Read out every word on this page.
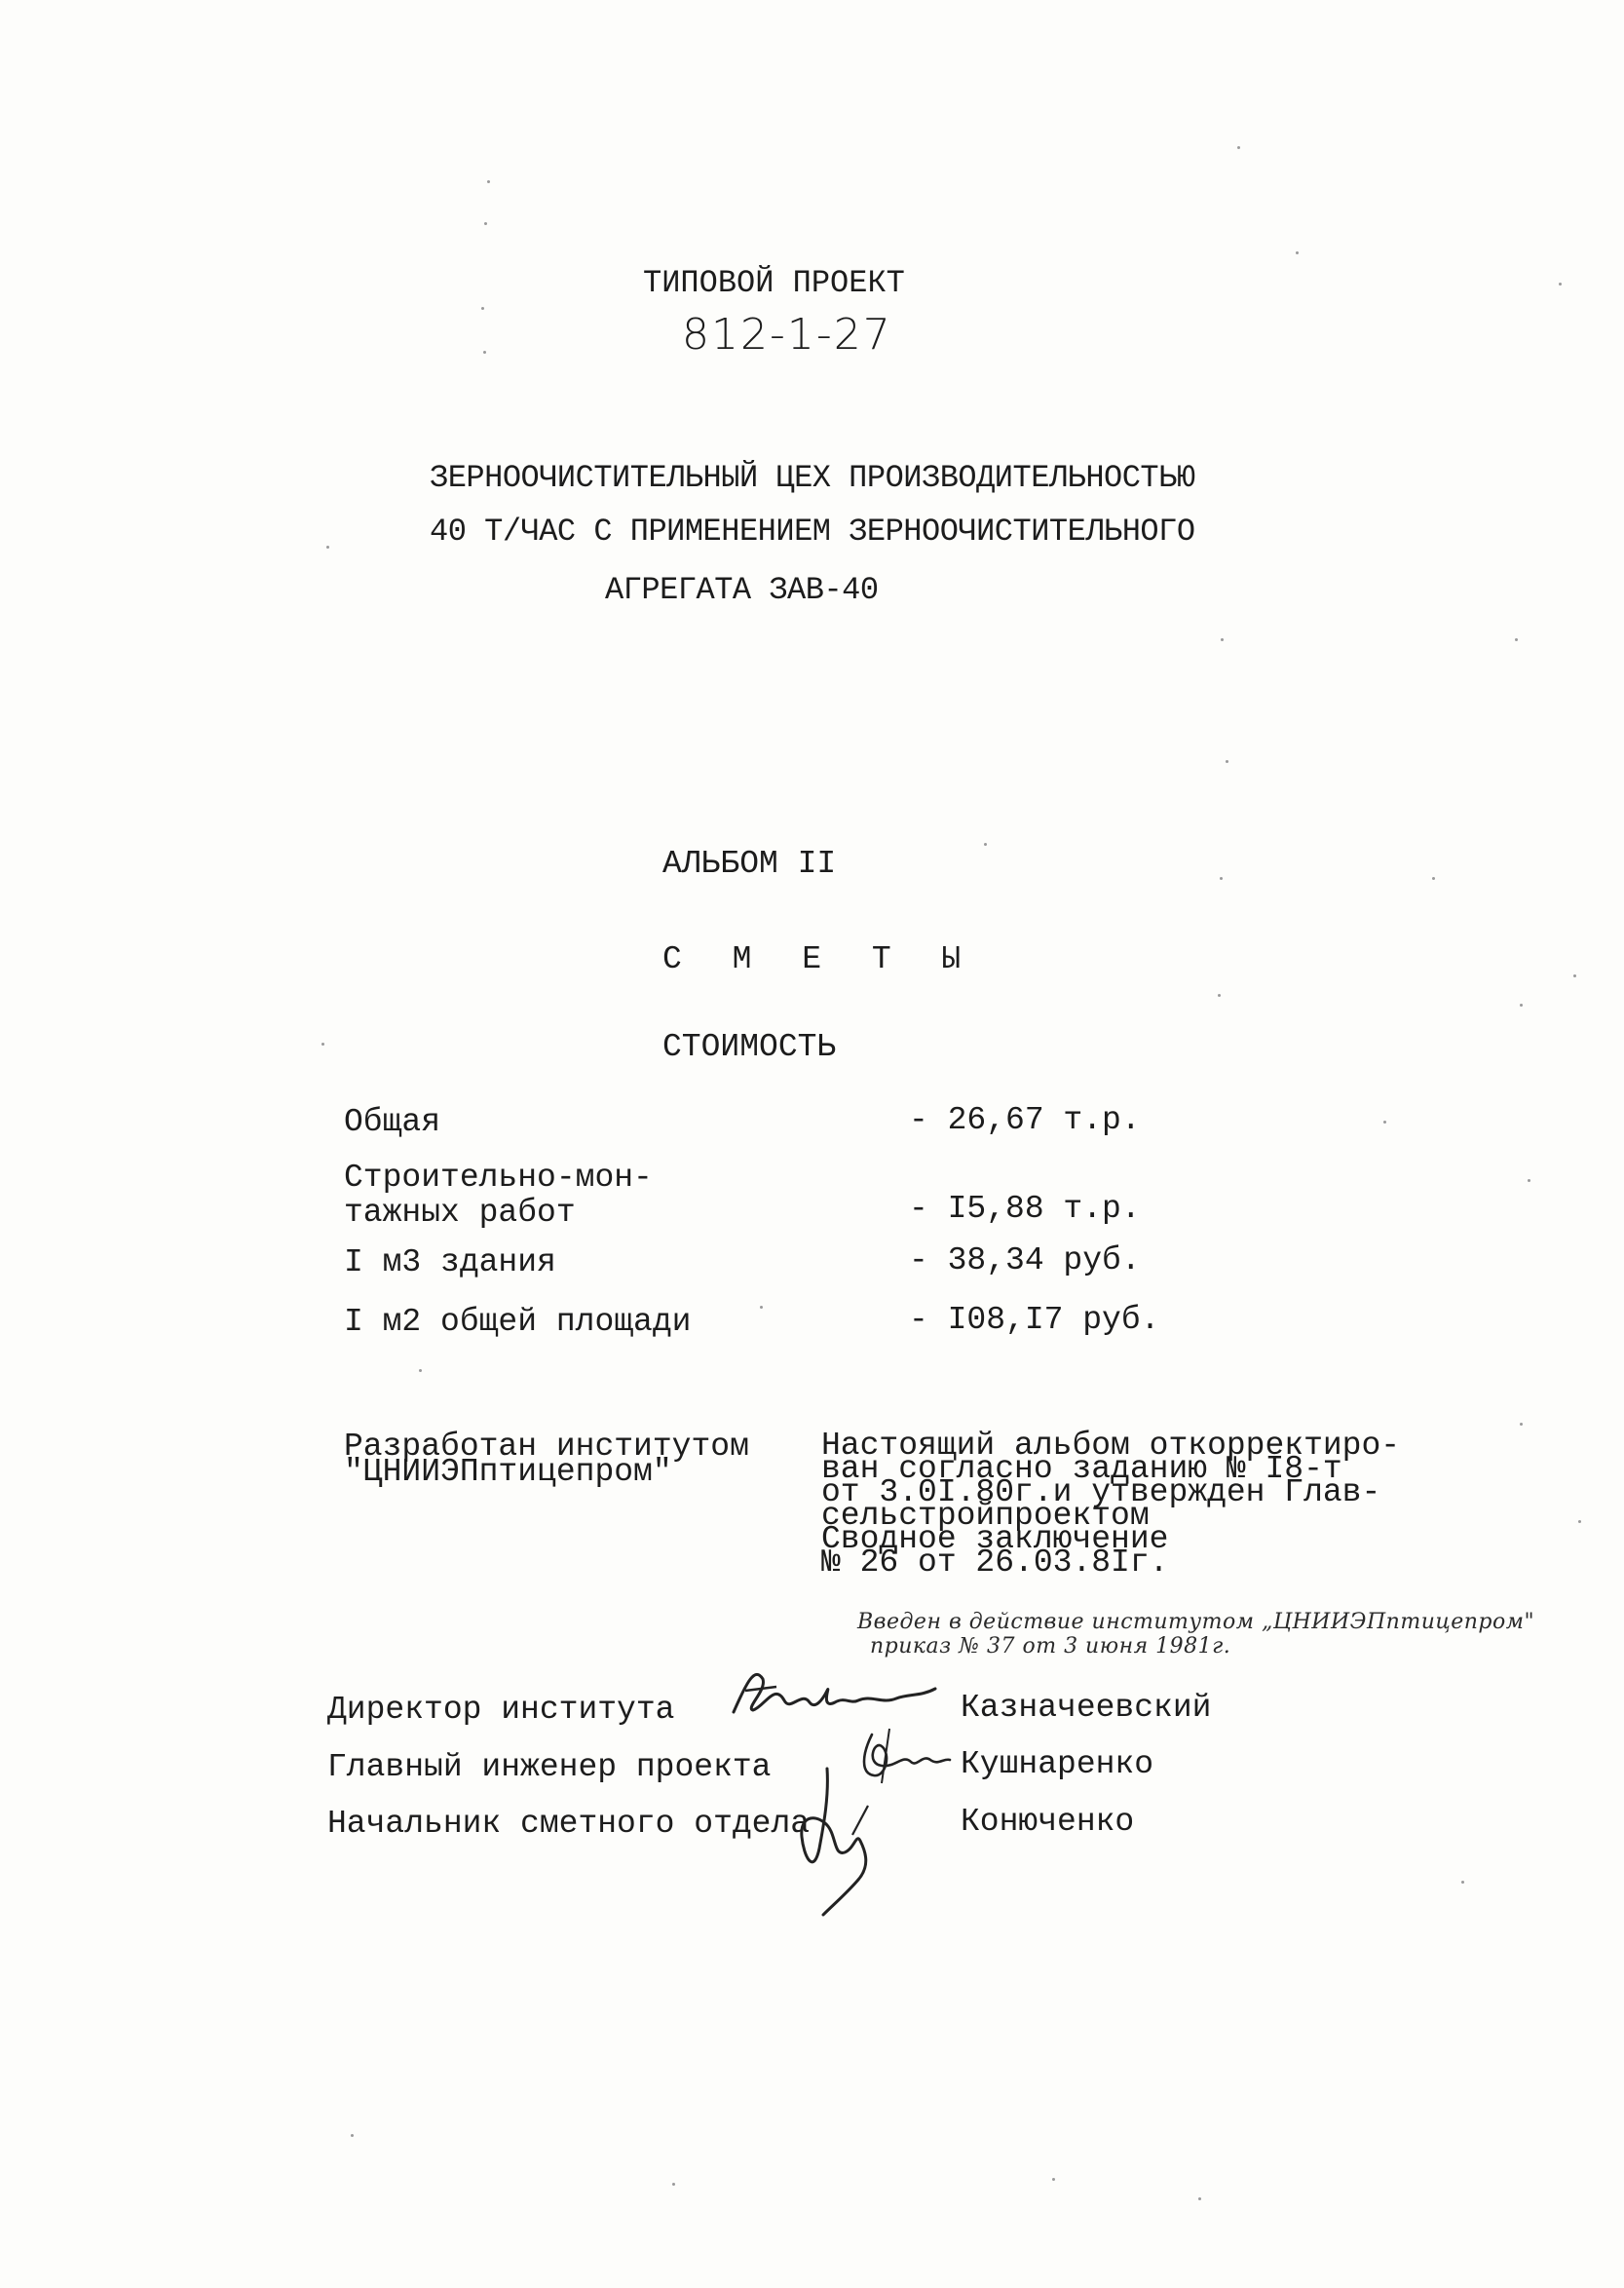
ТИПОВОЙ ПРОЕКТ
812-1-27
ЗЕРНООЧИСТИТЕЛЬНЫЙ ЦЕХ ПРОИЗВОДИТЕЛЬНОСТЬЮ
40 Т/ЧАС С ПРИМЕНЕНИЕМ ЗЕРНООЧИСТИТЕЛЬНОГО
АГРЕГАТА ЗАВ-40
АЛЬБОМ II
С М Е Т Ы
СТОИМОСТЬ
Общая	- 26,67 т.р.
Строительно-мон-
тажных работ	- I5,88 т.р.
I м3 здания	- 38,34 руб.
I м2 общей площади	- I08,I7 руб.
Разработан институтом
"ЦНИИЭПптицепром"
Настоящий альбом откорректиро-
ван согласно заданию № I8-т
от 3.0I.80г.и утвержден Глав-
сельстройпроектом
Сводное заключение
№ 26 от 26.03.8Iг.
Введен в действие институтом „ЦНИИЭПптицепром"
приказ № 37 от 3 июня 1981г.
Директор института	Казначеевский
Главный инженер проекта	Кушнаренко
Начальник сметного отдела	Конюченко
